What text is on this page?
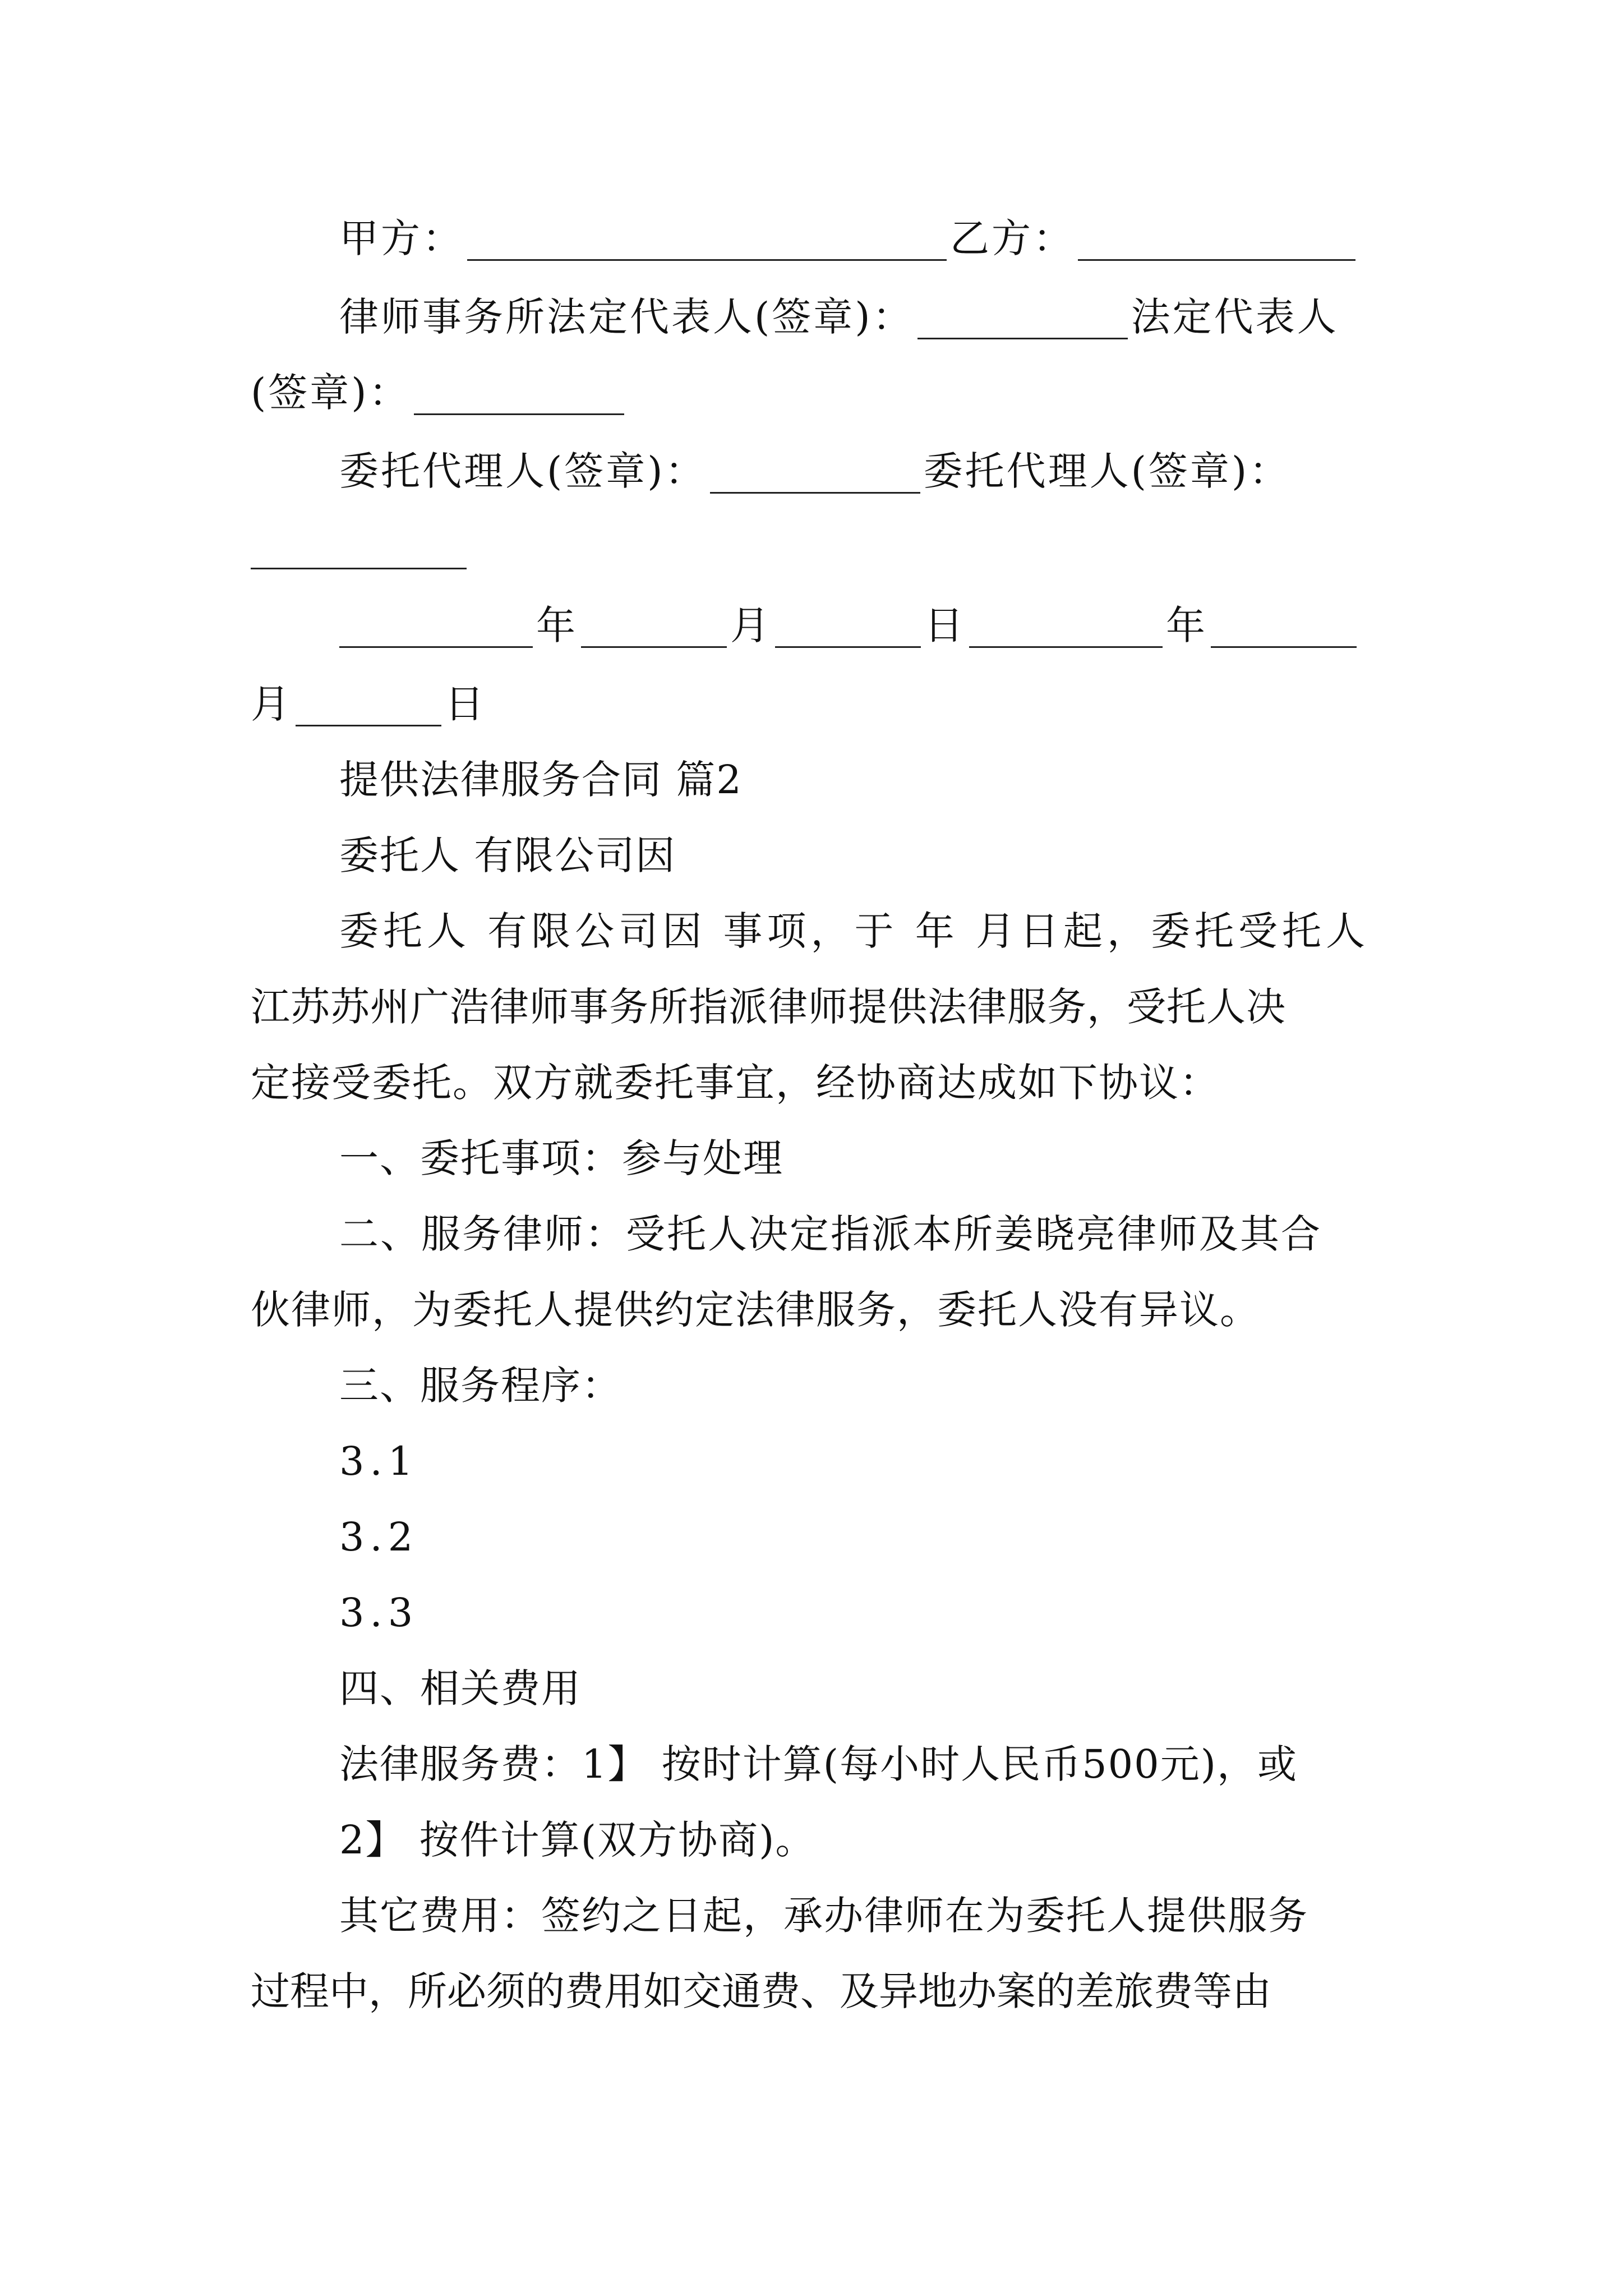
甲方：	乙方：
律师事务所法定代表人(签章)：	法定代表人
(签章)：
委托代理人(签章)：	委托代理人(签章)：
年	月	日	年
月	日
提供法律服务合同 篇2
委托人 有限公司因
委托人 有限公司因 事项，于 年 月日起，委托受托人
江苏苏州广浩律师事务所指派律师提供法律服务，受托人决
定接受委托。双方就委托事宜，经协商达成如下协议：
一、委托事项：参与处理
二、服务律师：受托人决定指派本所姜晓亮律师及其合
伙律师，为委托人提供约定法律服务，委托人没有异议。
三、服务程序：
3.1
3.2
3.3
四、相关费用
法律服务费：1】 按时计算(每小时人民币500元)，或
2】 按件计算(双方协商)。
其它费用：签约之日起，承办律师在为委托人提供服务
过程中，所必须的费用如交通费、及异地办案的差旅费等由
